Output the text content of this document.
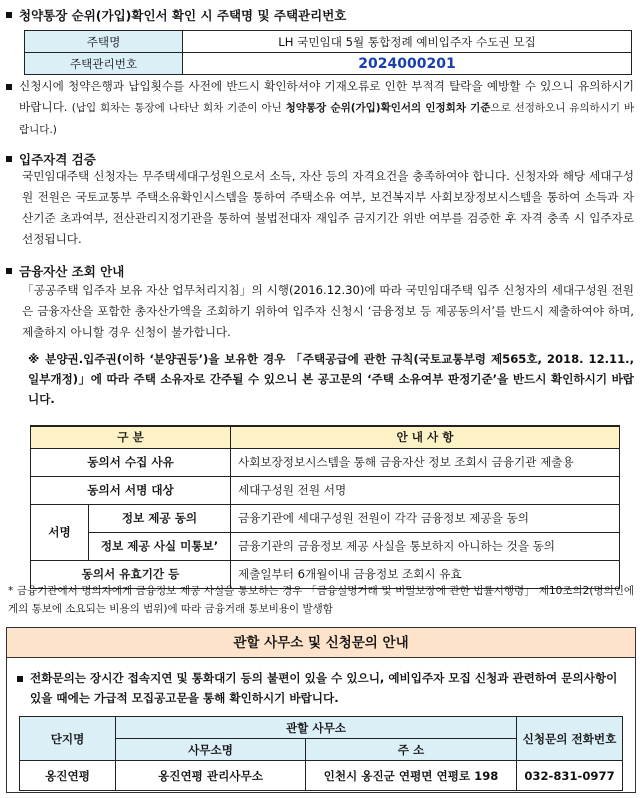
청약통장 순위(가입)확인서 확인 시 주택명 및 주택관리번호
주택명	LH 국민임대 5월 통합정례 예비입주자 수도권 모집
주택관리번호	2024000201
신청시에 청약은행과 납입횟수를 사전에 반드시 확인하셔야 기재오류로 인한 부적격 탈락을 예방할 수 있으니 유의하시기 바랍니다. (납입 회차는 통장에 나타난 회차 기준이 아닌 청약통장 순위(가입)확인서의 인정회차 기준으로 선정하오니 유의하시기 바랍니다.)
입주자격 검증
국민임대주택 신청자는 무주택세대구성원으로서 소득, 자산 등의 자격요건을 충족하여야 합니다. 신청자와 해당 세대구성원 전원은 국토교통부 주택소유확인시스템을 통하여 주택소유 여부, 보건복지부 사회보장정보시스템을 통하여 소득과 자산기준 초과여부, 전산관리지정기관을 통하여 불법전대자 재입주 금지기간 위반 여부를 검증한 후 자격 충족 시 입주자로 선정됩니다.
금융자산 조회 안내
「공공주택 입주자 보유 자산 업무처리지침」의 시행(2016.12.30)에 따라 국민임대주택 입주 신청자의 세대구성원 전원은 금융자산을 포함한 총자산가액을 조회하기 위하여 입주자 신청시 ‘금융정보 등 제공동의서’를 반드시 제출하여야 하며, 제출하지 아니할 경우 신청이 불가합니다.
※ 분양권.입주권(이하 ‘분양권등’)을 보유한 경우 「주택공급에 관한 규칙(국토교통부령 제565호, 2018. 12.11., 일부개정)」에 따라 주택 소유자로 간주될 수 있으니 본 공고문의 ‘주택 소유여부 판정기준’을 반드시 확인하시기 바랍니다.
구 분		안 내 사 항
동의서 수집 사유		사회보장정보시스템을 통해 금융자산 정보 조회시 금융기관 제출용
동의서 서명 대상		세대구성원 전원 서명
서명	정보 제공 동의	금융기관에 세대구성원 전원이 각각 금융정보 제공을 동의
	정보 제공 사실 미통보’	금융기관의 금융정보 제공 사실을 통보하지 아니하는 것을 동의
동의서 유효기간 등		제출일부터 6개월이내 금융정보 조회시 유효
* 금융기관에서 명의자에게 금융정보 제공 사실을 통보하는 경우 「금융실명거래 및 비밀보장에 관한 법률시행령」 제10조의2(명의인에게의 통보에 소요되는 비용의 범위)에 따라 금융거래 통보비용이 발생함
관할 사무소 및 신청문의 안내
전화문의는 장시간 접속지연 및 통화대기 등의 불편이 있을 수 있으니, 예비입주자 모집 신청과 관련하여 문의사항이 있을 때에는 가급적 모집공고문을 통해 확인하시기 바랍니다.
단지명	관할 사무소		신청문의 전화번호
	사무소명	주 소	
옹진연평	옹진연평 관리사무소	인천시 옹진군 연평면 연평로 198	032-831-0977
